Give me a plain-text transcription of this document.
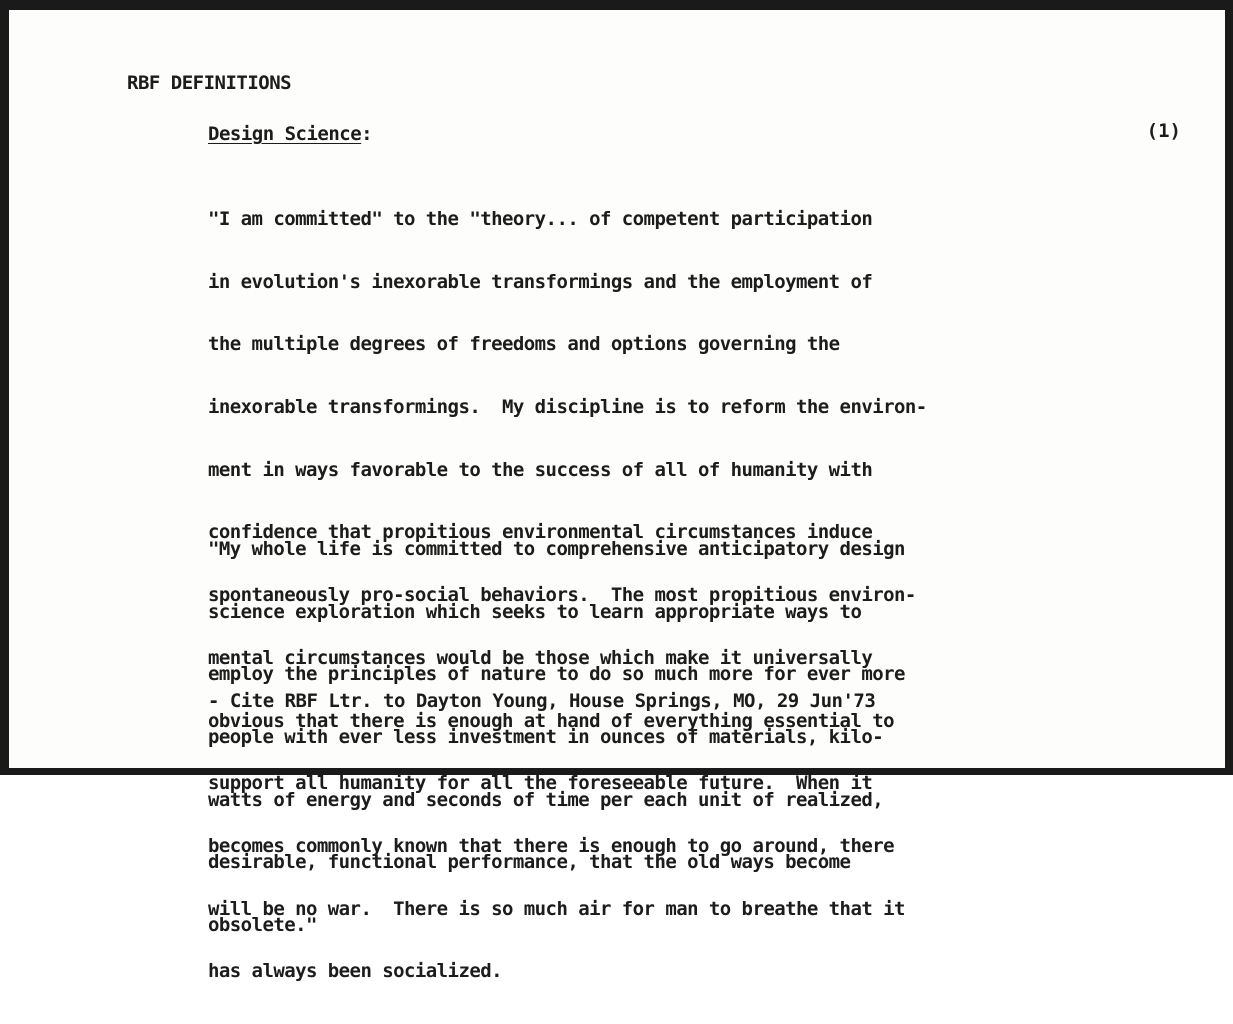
RBF DEFINITIONS
Design Science:	(1)

"I am committed" to the "theory... of competent participation

in evolution's inexorable transformings and the employment of

the multiple degrees of freedoms and options governing the

inexorable transformings.  My discipline is to reform the environ-

ment in ways favorable to the success of all of humanity with

confidence that propitious environmental circumstances induce

spontaneously pro-social behaviors.  The most propitious environ-

mental circumstances would be those which make it universally

obvious that there is enough at hand of everything essential to

support all humanity for all the foreseeable future.  When it

becomes commonly known that there is enough to go around, there

will be no war.  There is so much air for man to breathe that it

has always been socialized.

"My whole life is committed to comprehensive anticipatory design

science exploration which seeks to learn appropriate ways to

employ the principles of nature to do so much more for ever more

people with ever less investment in ounces of materials, kilo-

watts of energy and seconds of time per each unit of realized,

desirable, functional performance, that the old ways become

obsolete."

- Cite RBF Ltr. to Dayton Young, House Springs, MO, 29 Jun'73
